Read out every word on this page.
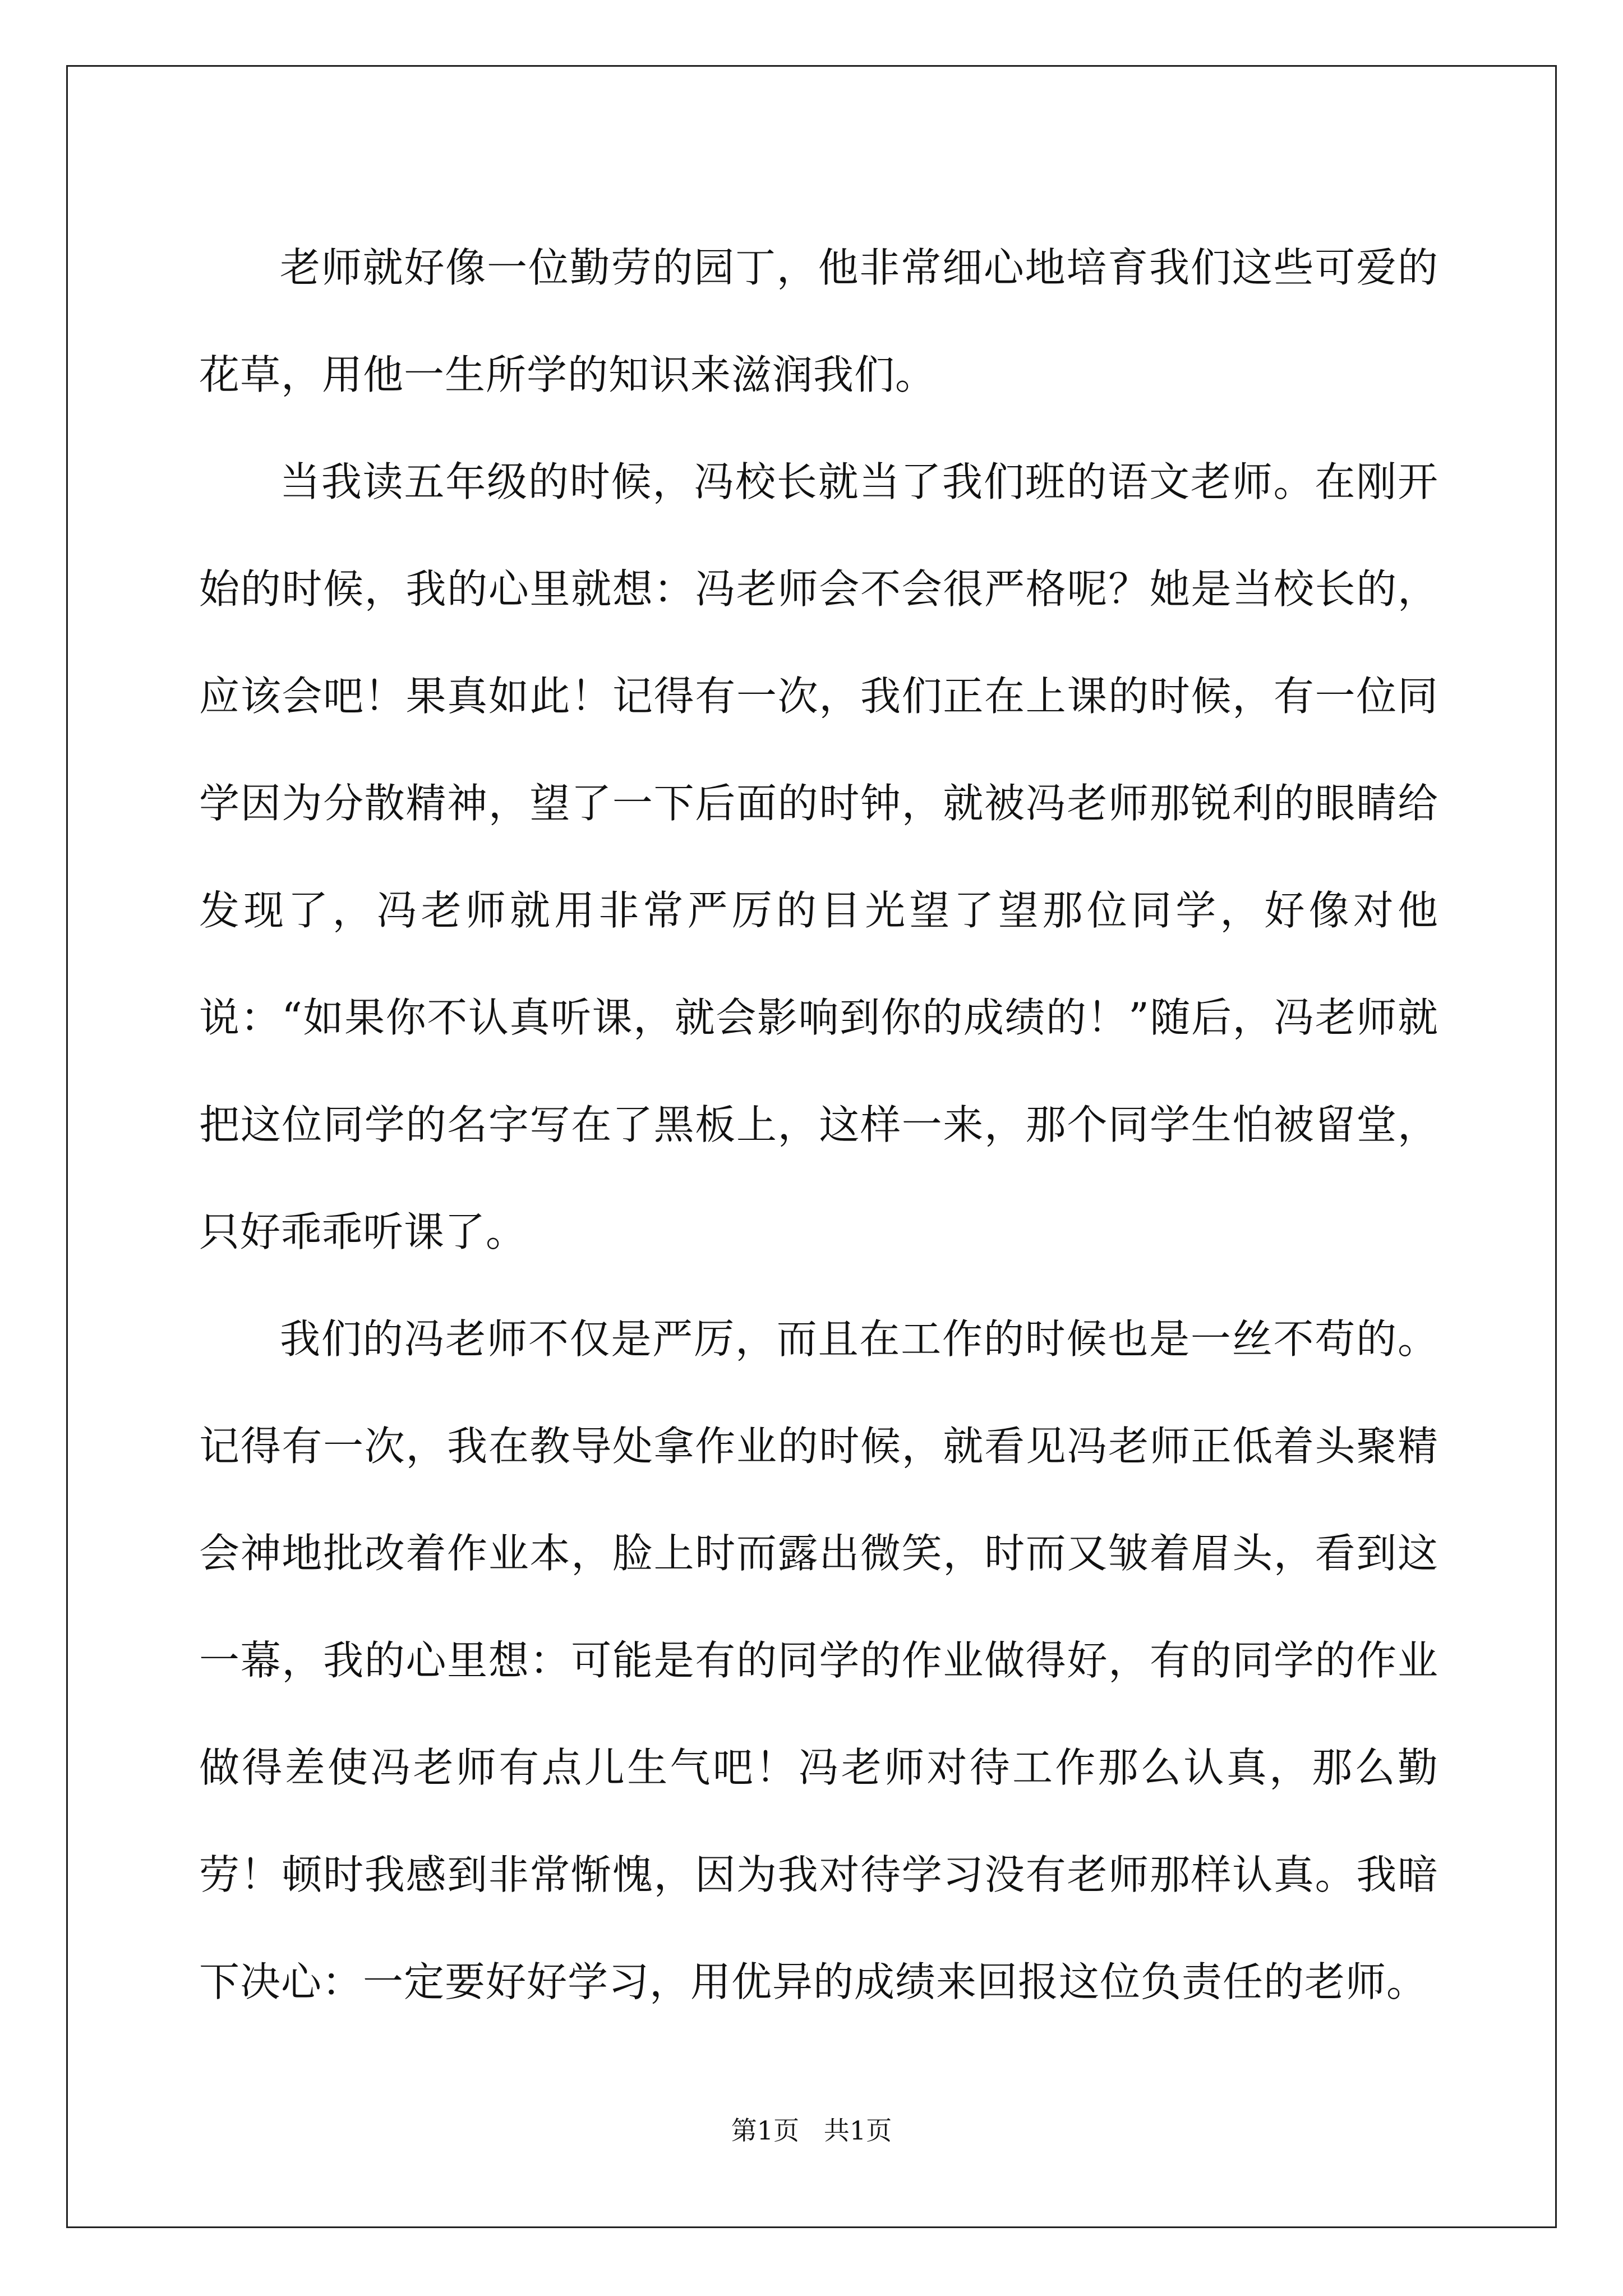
老师就好像一位勤劳的园丁，他非常细心地培育我们这些可爱的花草，用他一生所学的知识来滋润我们。

当我读五年级的时候，冯校长就当了我们班的语文老师。在刚开始的时候，我的心里就想：冯老师会不会很严格呢？她是当校长的，应该会吧！果真如此！记得有一次，我们正在上课的时候，有一位同学因为分散精神，望了一下后面的时钟，就被冯老师那锐利的眼睛给发现了，冯老师就用非常严厉的目光望了望那位同学，好像对他说：“如果你不认真听课，就会影响到你的成绩的！”随后，冯老师就把这位同学的名字写在了黑板上，这样一来，那个同学生怕被留堂，只好乖乖听课了。

我们的冯老师不仅是严厉，而且在工作的时候也是一丝不苟的。记得有一次，我在教导处拿作业的时候，就看见冯老师正低着头聚精会神地批改着作业本，脸上时而露出微笑，时而又皱着眉头，看到这一幕，我的心里想：可能是有的同学的作业做得好，有的同学的作业做得差使冯老师有点儿生气吧！冯老师对待工作那么认真，那么勤劳！顿时我感到非常惭愧，因为我对待学习没有老师那样认真。我暗下决心：一定要好好学习，用优异的成绩来回报这位负责任的老师。

第1页   共1页
